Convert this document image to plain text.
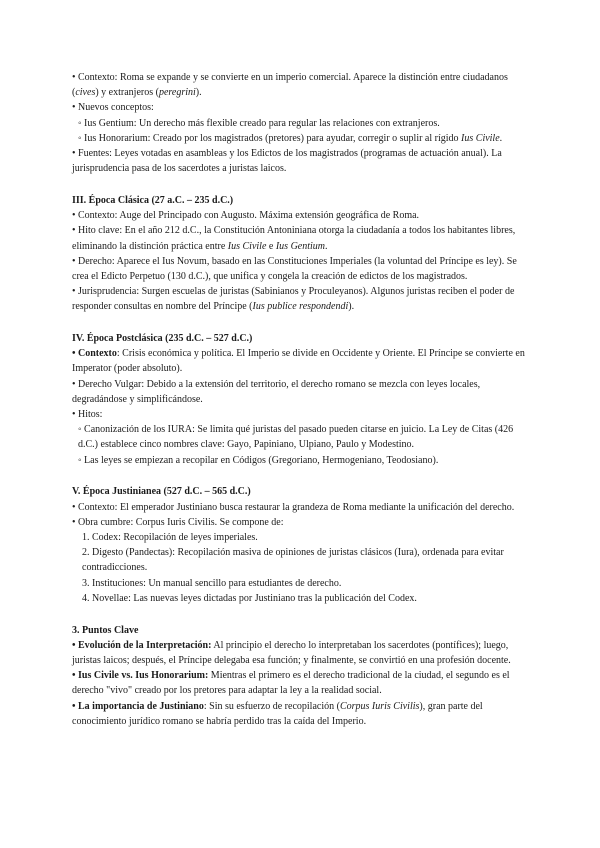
• Contexto: Roma se expande y se convierte en un imperio comercial. Aparece la distinción entre ciudadanos (cives) y extranjeros (peregrini).

• Nuevos conceptos:

◦ Ius Gentium: Un derecho más flexible creado para regular las relaciones con extranjeros.

◦ Ius Honorarium: Creado por los magistrados (pretores) para ayudar, corregir o suplir al rígido Ius Civile.

• Fuentes: Leyes votadas en asambleas y los Edictos de los magistrados (programas de actuación anual). La jurisprudencia pasa de los sacerdotes a juristas laicos.

III. Época Clásica (27 a.C. – 235 d.C.)

• Contexto: Auge del Principado con Augusto. Máxima extensión geográfica de Roma.

• Hito clave: En el año 212 d.C., la Constitución Antoniniana otorga la ciudadanía a todos los habitantes libres, eliminando la distinción práctica entre Ius Civile e Ius Gentium.

• Derecho: Aparece el Ius Novum, basado en las Constituciones Imperiales (la voluntad del Príncipe es ley). Se crea el Edicto Perpetuo (130 d.C.), que unifica y congela la creación de edictos de los magistrados.

• Jurisprudencia: Surgen escuelas de juristas (Sabinianos y Proculeyanos). Algunos juristas reciben el poder de responder consultas en nombre del Príncipe (Ius publice respondendi).

IV. Época Postclásica (235 d.C. – 527 d.C.)

• Contexto: Crisis económica y política. El Imperio se divide en Occidente y Oriente. El Príncipe se convierte en Imperator (poder absoluto).

• Derecho Vulgar: Debido a la extensión del territorio, el derecho romano se mezcla con leyes locales, degradándose y simplificándose.

• Hitos:

◦ Canonización de los IURA: Se limita qué juristas del pasado pueden citarse en juicio. La Ley de Citas (426 d.C.) establece cinco nombres clave: Gayo, Papiniano, Ulpiano, Paulo y Modestino.

◦ Las leyes se empiezan a recopilar en Códigos (Gregoriano, Hermogeniano, Teodosiano).

V. Época Justinianea (527 d.C. – 565 d.C.)

• Contexto: El emperador Justiniano busca restaurar la grandeza de Roma mediante la unificación del derecho.

• Obra cumbre: Corpus Iuris Civilis. Se compone de:

1. Codex: Recopilación de leyes imperiales.

2. Digesto (Pandectas): Recopilación masiva de opiniones de juristas clásicos (Iura), ordenada para evitar contradicciones.

3. Instituciones: Un manual sencillo para estudiantes de derecho.

4. Novellae: Las nuevas leyes dictadas por Justiniano tras la publicación del Codex.

3. Puntos Clave

• Evolución de la Interpretación: Al principio el derecho lo interpretaban los sacerdotes (pontífices); luego, juristas laicos; después, el Príncipe delegaba esa función; y finalmente, se convirtió en una profesión docente.

• Ius Civile vs. Ius Honorarium: Mientras el primero es el derecho tradicional de la ciudad, el segundo es el derecho "vivo" creado por los pretores para adaptar la ley a la realidad social.

• La importancia de Justiniano: Sin su esfuerzo de recopilación (Corpus Iuris Civilis), gran parte del conocimiento jurídico romano se habría perdido tras la caída del Imperio.
